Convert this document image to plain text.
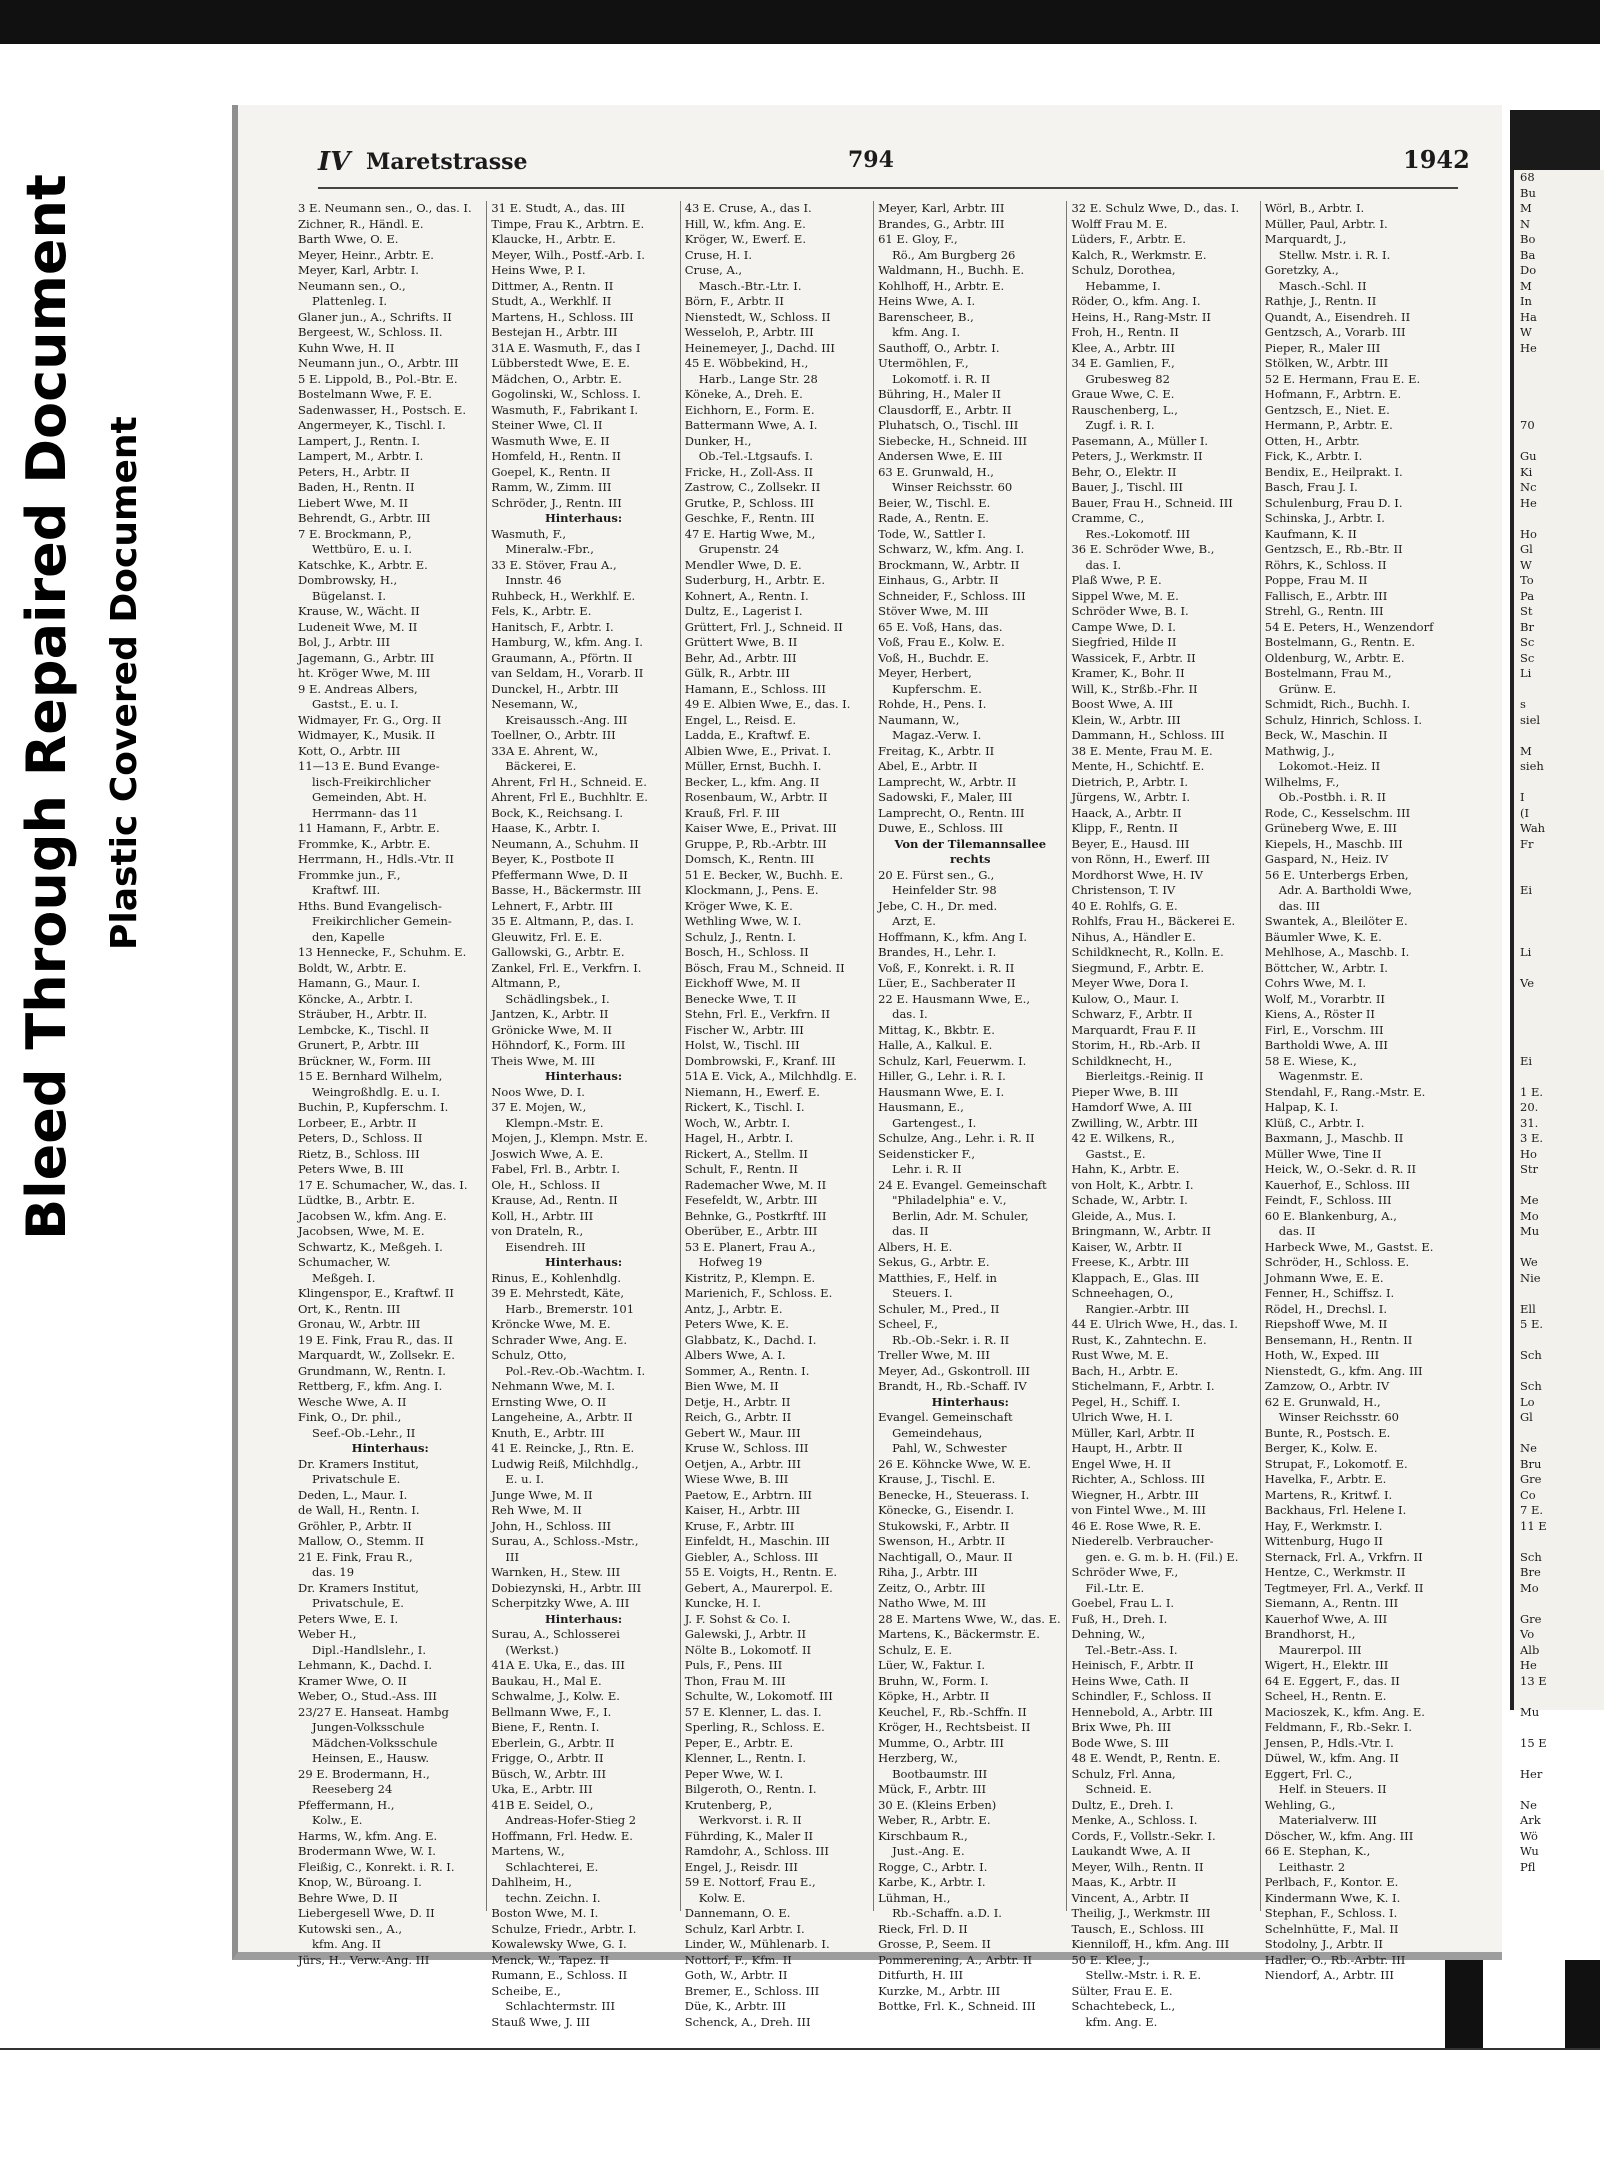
Bleed Through Repaired Document Plastic Covered Document
IV Maretstrasse	794	1942
3 E. Neumann sen., O., das. I.
Zichner, R., Händl. E.
Barth Wwe, O. E.
Meyer, Heinr., Arbtr. E.
Meyer, Karl, Arbtr. I.
Neumann sen., O.,
Plattenleg. I.
Glaner jun., A., Schrifts. II
Bergeest, W., Schloss. II.
Kuhn Wwe, H. II
Neumann jun., O., Arbtr. III
5 E. Lippold, B., Pol.-Btr. E.
Bostelmann Wwe, F. E.
Sadenwasser, H., Postsch. E.
Angermeyer, K., Tischl. I.
Lampert, J., Rentn. I.
Lampert, M., Arbtr. I.
Peters, H., Arbtr. II
Baden, H., Rentn. II
Liebert Wwe, M. II
Behrendt, G., Arbtr. III
7 E. Brockmann, P.,
Wettbüro, E. u. I.
Katschke, K., Arbtr. E.
Dombrowsky, H.,
Bügelanst. I.
Krause, W., Wächt. II
Ludeneit Wwe, M. II
Bol, J., Arbtr. III
Jagemann, G., Arbtr. III
ht. Kröger Wwe, M. III
9 E. Andreas Albers,
Gastst., E. u. I.
Widmayer, Fr. G., Org. II
Widmayer, K., Musik. II
Kott, O., Arbtr. III
11—13 E. Bund Evange-
lisch-Freikirchlicher
Gemeinden, Abt. H.
Herrmann- das 11
11 Hamann, F., Arbtr. E.
Frommke, K., Arbtr. E.
Herrmann, H., Hdls.-Vtr. II
Frommke jun., F.,
Kraftwf. III.
Hths. Bund Evangelisch-
Freikirchlicher Gemein-
den, Kapelle
13 Hennecke, F., Schuhm. E.
Boldt, W., Arbtr. E.
Hamann, G., Maur. I.
Köncke, A., Arbtr. I.
Sträuber, H., Arbtr. II.
Lembcke, K., Tischl. II
Grunert, P., Arbtr. III
Brückner, W., Form. III
15 E. Bernhard Wilhelm,
Weingroßhdlg. E. u. I.
Buchin, P., Kupferschm. I.
Lorbeer, E., Arbtr. II
Peters, D., Schloss. II
Rietz, B., Schloss. III
Peters Wwe, B. III
17 E. Schumacher, W., das. I.
Lüdtke, B., Arbtr. E.
Jacobsen W., kfm. Ang. E.
Jacobsen, Wwe, M. E.
Schwartz, K., Meßgeh. I.
Schumacher, W.
Meßgeh. I.
Klingenspor, E., Kraftwf. II
Ort, K., Rentn. III
Gronau, W., Arbtr. III
19 E. Fink, Frau R., das. II
Marquardt, W., Zollsekr. E.
Grundmann, W., Rentn. I.
Rettberg, F., kfm. Ang. I.
Wesche Wwe, A. II
Fink, O., Dr. phil.,
Seef.-Ob.-Lehr., II
Hinterhaus:
Dr. Kramers Institut,
Privatschule E.
Deden, L., Maur. I.
de Wall, H., Rentn. I.
Gröhler, P., Arbtr. II
Mallow, O., Stemm. II
21 E. Fink, Frau R.,
das. 19
Dr. Kramers Institut,
Privatschule, E.
Peters Wwe, E. I.
Weber H.,
Dipl.-Handlslehr., I.
Lehmann, K., Dachd. I.
Kramer Wwe, O. II
Weber, O., Stud.-Ass. III
23/27 E. Hanseat. Hambg
Jungen-Volksschule
Mädchen-Volksschule
Heinsen, E., Hausw.
29 E. Brodermann, H.,
Reeseberg 24
Pfeffermann, H.,
Kolw., E.
Harms, W., kfm. Ang. E.
Brodermann Wwe, W. I.
Fleißig, C., Konrekt. i. R. I.
Knop, W., Büroang. I.
Behre Wwe, D. II
Liebergesell Wwe, D. II
Kutowski sen., A.,
kfm. Ang. II
Jürs, H., Verw.-Ang. III
31 E. Studt, A., das. III
Timpe, Frau K., Arbtrn. E.
Klaucke, H., Arbtr. E.
Meyer, Wilh., Postf.-Arb. I.
Heins Wwe, P. I.
Dittmer, A., Rentn. II
Studt, A., Werkhlf. II
Martens, H., Schloss. III
Bestejan H., Arbtr. III
31A E. Wasmuth, F., das I
Lübberstedt Wwe, E. E.
Mädchen, O., Arbtr. E.
Gogolinski, W., Schloss. I.
Wasmuth, F., Fabrikant I.
Steiner Wwe, Cl. II
Wasmuth Wwe, E. II
Homfeld, H., Rentn. II
Goepel, K., Rentn. II
Ramm, W., Zimm. III
Schröder, J., Rentn. III
Hinterhaus:
Wasmuth, F.,
Mineralw.-Fbr.,
33 E. Stöver, Frau A.,
Innstr. 46
Ruhbeck, H., Werkhlf. E.
Fels, K., Arbtr. E.
Hanitsch, F., Arbtr. I.
Hamburg, W., kfm. Ang. I.
Graumann, A., Pförtn. II
van Seldam, H., Vorarb. II
Dunckel, H., Arbtr. III
Nesemann, W.,
Kreisaussch.-Ang. III
Toellner, O., Arbtr. III
33A E. Ahrent, W.,
Bäckerei, E.
Ahrent, Frl H., Schneid. E.
Ahrent, Frl E., Buchhltr. E.
Bock, K., Reichsang. I.
Haase, K., Arbtr. I.
Neumann, A., Schuhm. II
Beyer, K., Postbote II
Pfeffermann Wwe, D. II
Basse, H., Bäckermstr. III
Lehnert, F., Arbtr. III
35 E. Altmann, P., das. I.
Gleuwitz, Frl. E. E.
Gallowski, G., Arbtr. E.
Zankel, Frl. E., Verkfrn. I.
Altmann, P.,
Schädlingsbek., I.
Jantzen, K., Arbtr. II
Grönicke Wwe, M. II
Höhndorf, K., Form. III
Theis Wwe, M. III
Hinterhaus:
Noos Wwe, D. I.
37 E. Mojen, W.,
Klempn.-Mstr. E.
Mojen, J., Klempn. Mstr. E.
Joswich Wwe, A. E.
Fabel, Frl. B., Arbtr. I.
Ole, H., Schloss. II
Krause, Ad., Rentn. II
Koll, H., Arbtr. III
von Drateln, R.,
Eisendreh. III
Hinterhaus:
Rinus, E., Kohlenhdlg.
39 E. Mehrstedt, Käte,
Harb., Bremerstr. 101
Kröncke Wwe, M. E.
Schrader Wwe, Ang. E.
Schulz, Otto,
Pol.-Rev.-Ob.-Wachtm. I.
Nehmann Wwe, M. I.
Ernsting Wwe, O. II
Langeheine, A., Arbtr. II
Knuth, E., Arbtr. III
41 E. Reincke, J., Rtn. E.
Ludwig Reiß, Milchhdlg.,
E. u. I.
Junge Wwe, M. II
Reh Wwe, M. II
John, H., Schloss. III
Surau, A., Schloss.-Mstr.,
III
Warnken, H., Stew. III
Dobiezynski, H., Arbtr. III
Scherpitzky Wwe, A. III
Hinterhaus:
Surau, A., Schlosserei
(Werkst.)
41A E. Uka, E., das. III
Baukau, H., Mal E.
Schwalme, J., Kolw. E.
Bellmann Wwe, F., I.
Biene, F., Rentn. I.
Eberlein, G., Arbtr. II
Frigge, O., Arbtr. II
Büsch, W., Arbtr. III
Uka, E., Arbtr. III
41B E. Seidel, O.,
Andreas-Hofer-Stieg 2
Hoffmann, Frl. Hedw. E.
Martens, W.,
Schlachterei, E.
Dahlheim, H.,
techn. Zeichn. I.
Boston Wwe, M. I.
Schulze, Friedr., Arbtr. I.
Kowalewsky Wwe, G. I.
Menck, W., Tapez. II
Rumann, E., Schloss. II
Scheibe, E.,
Schlachtermstr. III
Stauß Wwe, J. III
43 E. Cruse, A., das I.
Hill, W., kfm. Ang. E.
Kröger, W., Ewerf. E.
Cruse, H. I.
Cruse, A.,
Masch.-Btr.-Ltr. I.
Börn, F., Arbtr. II
Nienstedt, W., Schloss. II
Wesseloh, P., Arbtr. III
Heinemeyer, J., Dachd. III
45 E. Wöbbekind, H.,
Harb., Lange Str. 28
Köneke, A., Dreh. E.
Eichhorn, E., Form. E.
Battermann Wwe, A. I.
Dunker, H.,
Ob.-Tel.-Ltgsaufs. I.
Fricke, H., Zoll-Ass. II
Zastrow, C., Zollsekr. II
Grutke, P., Schloss. III
Geschke, F., Rentn. III
47 E. Hartig Wwe, M.,
Grupenstr. 24
Mendler Wwe, D. E.
Suderburg, H., Arbtr. E.
Kohnert, A., Rentn. I.
Dultz, E., Lagerist I.
Grüttert, Frl. J., Schneid. II
Grüttert Wwe, B. II
Behr, Ad., Arbtr. III
Gülk, R., Arbtr. III
Hamann, E., Schloss. III
49 E. Albien Wwe, E., das. I.
Engel, L., Reisd. E.
Ladda, E., Kraftwf. E.
Albien Wwe, E., Privat. I.
Müller, Ernst, Buchh. I.
Becker, L., kfm. Ang. II
Rosenbaum, W., Arbtr. II
Krauß, Frl. F. III
Kaiser Wwe, E., Privat. III
Gruppe, P., Rb.-Arbtr. III
Domsch, K., Rentn. III
51 E. Becker, W., Buchh. E.
Klockmann, J., Pens. E.
Kröger Wwe, K. E.
Wethling Wwe, W. I.
Schulz, J., Rentn. I.
Bosch, H., Schloss. II
Bösch, Frau M., Schneid. II
Eickhoff Wwe, M. II
Benecke Wwe, T. II
Stehn, Frl. E., Verkfrn. II
Fischer W., Arbtr. III
Holst, W., Tischl. III
Dombrowski, F., Kranf. III
51A E. Vick, A., Milchhdlg. E.
Niemann, H., Ewerf. E.
Rickert, K., Tischl. I.
Woch, W., Arbtr. I.
Hagel, H., Arbtr. I.
Rickert, A., Stellm. II
Schult, F., Rentn. II
Rademacher Wwe, M. II
Fesefeldt, W., Arbtr. III
Behnke, G., Postkrftf. III
Oberüber, E., Arbtr. III
53 E. Planert, Frau A.,
Hofweg 19
Kistritz, P., Klempn. E.
Marienich, F., Schloss. E.
Antz, J., Arbtr. E.
Peters Wwe, K. E.
Glabbatz, K., Dachd. I.
Albers Wwe, A. I.
Sommer, A., Rentn. I.
Bien Wwe, M. II
Detje, H., Arbtr. II
Reich, G., Arbtr. II
Gebert W., Maur. III
Kruse W., Schloss. III
Oetjen, A., Arbtr. III
Wiese Wwe, B. III
Paetow, E., Arbtrn. III
Kaiser, H., Arbtr. III
Kruse, F., Arbtr. III
Einfeldt, H., Maschin. III
Giebler, A., Schloss. III
55 E. Voigts, H., Rentn. E.
Gebert, A., Maurerpol. E.
Kuncke, H. I.
J. F. Sohst & Co. I.
Galewski, J., Arbtr. II
Nölte B., Lokomotf. II
Puls, F., Pens. III
Thon, Frau M. III
Schulte, W., Lokomotf. III
57 E. Klenner, L. das. I.
Sperling, R., Schloss. E.
Peper, E., Arbtr. E.
Klenner, L., Rentn. I.
Peper Wwe, W. I.
Bilgeroth, O., Rentn. I.
Krutenberg, P.,
Werkvorst. i. R. II
Führding, K., Maler II
Ramdohr, A., Schloss. III
Engel, J., Reisdr. III
59 E. Nottorf, Frau E.,
Kolw. E.
Dannemann, O. E.
Schulz, Karl Arbtr. I.
Linder, W., Mühlenarb. I.
Nottorf, F., Kfm. II
Goth, W., Arbtr. II
Bremer, E., Schloss. III
Düe, K., Arbtr. III
Schenck, A., Dreh. III
Meyer, Karl, Arbtr. III
Brandes, G., Arbtr. III
61 E. Gloy, F.,
Rö., Am Burgberg 26
Waldmann, H., Buchh. E.
Kohlhoff, H., Arbtr. E.
Heins Wwe, A. I.
Barenscheer, B.,
kfm. Ang. I.
Sauthoff, O., Arbtr. I.
Utermöhlen, F.,
Lokomotf. i. R. II
Bühring, H., Maler II
Clausdorff, E., Arbtr. II
Pluhatsch, O., Tischl. III
Siebecke, H., Schneid. III
Andersen Wwe, E. III
63 E. Grunwald, H.,
Winser Reichsstr. 60
Beier, W., Tischl. E.
Rade, A., Rentn. E.
Tode, W., Sattler I.
Schwarz, W., kfm. Ang. I.
Brockmann, W., Arbtr. II
Einhaus, G., Arbtr. II
Schneider, F., Schloss. III
Stöver Wwe, M. III
65 E. Voß, Hans, das.
Voß, Frau E., Kolw. E.
Voß, H., Buchdr. E.
Meyer, Herbert,
Kupferschm. E.
Rohde, H., Pens. I.
Naumann, W.,
Magaz.-Verw. I.
Freitag, K., Arbtr. II
Abel, E., Arbtr. II
Lamprecht, W., Arbtr. II
Sadowski, F., Maler, III
Lamprecht, O., Rentn. III
Duwe, E., Schloss. III
Von der Tilemannsallee
rechts
20 E. Fürst sen., G.,
Heinfelder Str. 98
Jebe, C. H., Dr. med.
Arzt, E.
Hoffmann, K., kfm. Ang I.
Brandes, H., Lehr. I.
Voß, F., Konrekt. i. R. II
Lüer, E., Sachberater II
22 E. Hausmann Wwe, E.,
das. I.
Mittag, K., Bkbtr. E.
Halle, A., Kalkul. E.
Schulz, Karl, Feuerwm. I.
Hiller, G., Lehr. i. R. I.
Hausmann Wwe, E. I.
Hausmann, E.,
Gartengest., I.
Schulze, Ang., Lehr. i. R. II
Seidensticker F.,
Lehr. i. R. II
24 E. Evangel. Gemeinschaft
"Philadelphia" e. V.,
Berlin, Adr. M. Schuler,
das. II
Albers, H. E.
Sekus, G., Arbtr. E.
Matthies, F., Helf. in
Steuers. I.
Schuler, M., Pred., II
Scheel, F.,
Rb.-Ob.-Sekr. i. R. II
Treller Wwe, M. III
Meyer, Ad., Gskontroll. III
Brandt, H., Rb.-Schaff. IV
Hinterhaus:
Evangel. Gemeinschaft
Gemeindehaus,
Pahl, W., Schwester
26 E. Köhncke Wwe, W. E.
Krause, J., Tischl. E.
Benecke, H., Steuerass. I.
Könecke, G., Eisendr. I.
Stukowski, F., Arbtr. II
Swenson, H., Arbtr. II
Nachtigall, O., Maur. II
Riha, J., Arbtr. III
Zeitz, O., Arbtr. III
Natho Wwe, M. III
28 E. Martens Wwe, W., das. E.
Martens, K., Bäckermstr. E.
Schulz, E. E.
Lüer, W., Faktur. I.
Bruhn, W., Form. I.
Köpke, H., Arbtr. II
Keuchel, F., Rb.-Schffn. II
Kröger, H., Rechtsbeist. II
Mumme, O., Arbtr. III
Herzberg, W.,
Bootbaumstr. III
Mück, F., Arbtr. III
30 E. (Kleins Erben)
Weber, R., Arbtr. E.
Kirschbaum R.,
Just.-Ang. E.
Rogge, C., Arbtr. I.
Karbe, K., Arbtr. I.
Lühman, H.,
Rb.-Schaffn. a.D. I.
Rieck, Frl. D. II
Grosse, P., Seem. II
Pommerening, A., Arbtr. II
Ditfurth, H. III
Kurzke, M., Arbtr. III
Bottke, Frl. K., Schneid. III
32 E. Schulz Wwe, D., das. I.
Wolff Frau M. E.
Lüders, F., Arbtr. E.
Kalch, R., Werkmstr. E.
Schulz, Dorothea,
Hebamme, I.
Röder, O., kfm. Ang. I.
Heins, H., Rang-Mstr. II
Froh, H., Rentn. II
Klee, A., Arbtr. III
34 E. Gamlien, F.,
Grubesweg 82
Graue Wwe, C. E.
Rauschenberg, L.,
Zugf. i. R. I.
Pasemann, A., Müller I.
Peters, J., Werkmstr. II
Behr, O., Elektr. II
Bauer, J., Tischl. III
Bauer, Frau H., Schneid. III
Cramme, C.,
Res.-Lokomotf. III
36 E. Schröder Wwe, B.,
das. I.
Plaß Wwe, P. E.
Sippel Wwe, M. E.
Schröder Wwe, B. I.
Campe Wwe, D. I.
Siegfried, Hilde II
Wassicek, F., Arbtr. II
Kramer, K., Bohr. II
Will, K., Strßb.-Fhr. II
Boost Wwe, A. III
Klein, W., Arbtr. III
Dammann, H., Schloss. III
38 E. Mente, Frau M. E.
Mente, H., Schichtf. E.
Dietrich, P., Arbtr. I.
Jürgens, W., Arbtr. I.
Haack, A., Arbtr. II
Klipp, F., Rentn. II
Beyer, E., Hausd. III
von Rönn, H., Ewerf. III
Mordhorst Wwe, H. IV
Christenson, T. IV
40 E. Rohlfs, G. E.
Rohlfs, Frau H., Bäckerei E.
Nihus, A., Händler E.
Schildknecht, R., Kolln. E.
Siegmund, F., Arbtr. E.
Meyer Wwe, Dora I.
Kulow, O., Maur. I.
Schwarz, F., Arbtr. II
Marquardt, Frau F. II
Storim, H., Rb.-Arb. II
Schildknecht, H.,
Bierleitgs.-Reinig. II
Pieper Wwe, B. III
Hamdorf Wwe, A. III
Zwilling, W., Arbtr. III
42 E. Wilkens, R.,
Gastst., E.
Hahn, K., Arbtr. E.
von Holt, K., Arbtr. I.
Schade, W., Arbtr. I.
Gleide, A., Mus. I.
Bringmann, W., Arbtr. II
Kaiser, W., Arbtr. II
Freese, K., Arbtr. III
Klappach, E., Glas. III
Schneehagen, O.,
Rangier.-Arbtr. III
44 E. Ulrich Wwe, H., das. I.
Rust, K., Zahntechn. E.
Rust Wwe, M. E.
Bach, H., Arbtr. E.
Stichelmann, F., Arbtr. I.
Pegel, H., Schiff. I.
Ulrich Wwe, H. I.
Müller, Karl, Arbtr. II
Haupt, H., Arbtr. II
Engel Wwe, H. II
Richter, A., Schloss. III
Wiegner, H., Arbtr. III
von Fintel Wwe., M. III
46 E. Rose Wwe, R. E.
Niederelb. Verbraucher-
gen. e. G. m. b. H. (Fil.) E.
Schröder Wwe, F.,
Fil.-Ltr. E.
Goebel, Frau L. I.
Fuß, H., Dreh. I.
Dehning, W.,
Tel.-Betr.-Ass. I.
Heinisch, F., Arbtr. II
Heins Wwe, Cath. II
Schindler, F., Schloss. II
Hennebold, A., Arbtr. III
Brix Wwe, Ph. III
Bode Wwe, S. III
48 E. Wendt, P., Rentn. E.
Schulz, Frl. Anna,
Schneid. E.
Dultz, E., Dreh. I.
Menke, A., Schloss. I.
Cords, F., Vollstr.-Sekr. I.
Laukandt Wwe, A. II
Meyer, Wilh., Rentn. II
Maas, K., Arbtr. II
Vincent, A., Arbtr. II
Theilig, J., Werkmstr. III
Tausch, E., Schloss. III
Kienniloff, H., kfm. Ang. III
50 E. Klee, J.,
Stellw.-Mstr. i. R. E.
Sülter, Frau E. E.
Schachtebeck, L.,
kfm. Ang. E.
Wörl, B., Arbtr. I.
Müller, Paul, Arbtr. I.
Marquardt, J.,
Stellw. Mstr. i. R. I.
Goretzky, A.,
Masch.-Schl. II
Rathje, J., Rentn. II
Quandt, A., Eisendreh. II
Gentzsch, A., Vorarb. III
Pieper, R., Maler III
Stölken, W., Arbtr. III
52 E. Hermann, Frau E. E.
Hofmann, F., Arbtrn. E.
Gentzsch, E., Niet. E.
Hermann, P., Arbtr. E.
Otten, H., Arbtr.
Fick, K., Arbtr. I.
Bendix, E., Heilprakt. I.
Basch, Frau J. I.
Schulenburg, Frau D. I.
Schinska, J., Arbtr. I.
Kaufmann, K. II
Gentzsch, E., Rb.-Btr. II
Röhrs, K., Schloss. II
Poppe, Frau M. II
Fallisch, E., Arbtr. III
Strehl, G., Rentn. III
54 E. Peters, H., Wenzendorf
Bostelmann, G., Rentn. E.
Oldenburg, W., Arbtr. E.
Bostelmann, Frau M.,
Grünw. E.
Schmidt, Rich., Buchh. I.
Schulz, Hinrich, Schloss. I.
Beck, W., Maschin. II
Mathwig, J.,
Lokomot.-Heiz. II
Wilhelms, F.,
Ob.-Postbh. i. R. II
Rode, C., Kesselschm. III
Grüneberg Wwe, E. III
Kiepels, H., Maschb. III
Gaspard, N., Heiz. IV
56 E. Unterbergs Erben,
Adr. A. Bartholdi Wwe,
das. III
Swantek, A., Bleilöter E.
Bäumler Wwe, K. E.
Mehlhose, A., Maschb. I.
Böttcher, W., Arbtr. I.
Cohrs Wwe, M. I.
Wolf, M., Vorarbtr. II
Kiens, A., Röster II
Firl, E., Vorschm. III
Bartholdi Wwe, A. III
58 E. Wiese, K.,
Wagenmstr. E.
Stendahl, F., Rang.-Mstr. E.
Halpap, K. I.
Klüß, C., Arbtr. I.
Baxmann, J., Maschb. II
Müller Wwe, Tine II
Heick, W., O.-Sekr. d. R. II
Kauerhof, E., Schloss. III
Feindt, F., Schloss. III
60 E. Blankenburg, A.,
das. II
Harbeck Wwe, M., Gastst. E.
Schröder, H., Schloss. E.
Johmann Wwe, E. E.
Fenner, H., Schiffsz. I.
Rödel, H., Drechsl. I.
Riepshoff Wwe, M. II
Bensemann, H., Rentn. II
Hoth, W., Exped. III
Nienstedt, G., kfm. Ang. III
Zamzow, O., Arbtr. IV
62 E. Grunwald, H.,
Winser Reichsstr. 60
Bunte, R., Postsch. E.
Berger, K., Kolw. E.
Strupat, F., Lokomotf. E.
Havelka, F., Arbtr. E.
Martens, R., Kritwf. I.
Backhaus, Frl. Helene I.
Hay, F., Werkmstr. I.
Wittenburg, Hugo II
Sternack, Frl. A., Vrkfrn. II
Hentze, C., Werkmstr. II
Tegtmeyer, Frl. A., Verkf. II
Siemann, A., Rentn. III
Kauerhof Wwe, A. III
Brandhorst, H.,
Maurerpol. III
Wigert, H., Elektr. III
64 E. Eggert, F., das. II
Scheel, H., Rentn. E.
Macioszek, K., kfm. Ang. E.
Feldmann, F., Rb.-Sekr. I.
Jensen, P., Hdls.-Vtr. I.
Düwel, W., kfm. Ang. II
Eggert, Frl. C.,
Helf. in Steuers. II
Wehling, G.,
Materialverw. III
Döscher, W., kfm. Ang. III
66 E. Stephan, K.,
Leithastr. 2
Perlbach, F., Kontor. E.
Kindermann Wwe, K. I.
Stephan, F., Schloss. I.
Schelnhütte, F., Mal. II
Stodolny, J., Arbtr. II
Hadler, O., Rb.-Arbtr. III
Niendorf, A., Arbtr. III
68
Bu
M
N
Bo
Ba
Do
M
In
Ha
W
He

70

Gu
Ki
Nc
He

Ho
Gl
W
To
Pa
St
Br
Sc
Sc
Li

s
siel

M
sieh

I
(I
Wah
Fr

Ei

Li

Ve

Ei

1 E.
20.
31.
3 E.
Ho
Str

Me
Mo
Mu

We
Nie

Ell
5 E.

Sch

Sch
Lo
Gl

Ne
Bru
Gre
Co
7 E.
11 E

Sch
Bre
Mo

Gre
Vo
Alb
He
13 E

Mu

15 E

Her

Ne
Ark
Wö
Wu
Pfl
